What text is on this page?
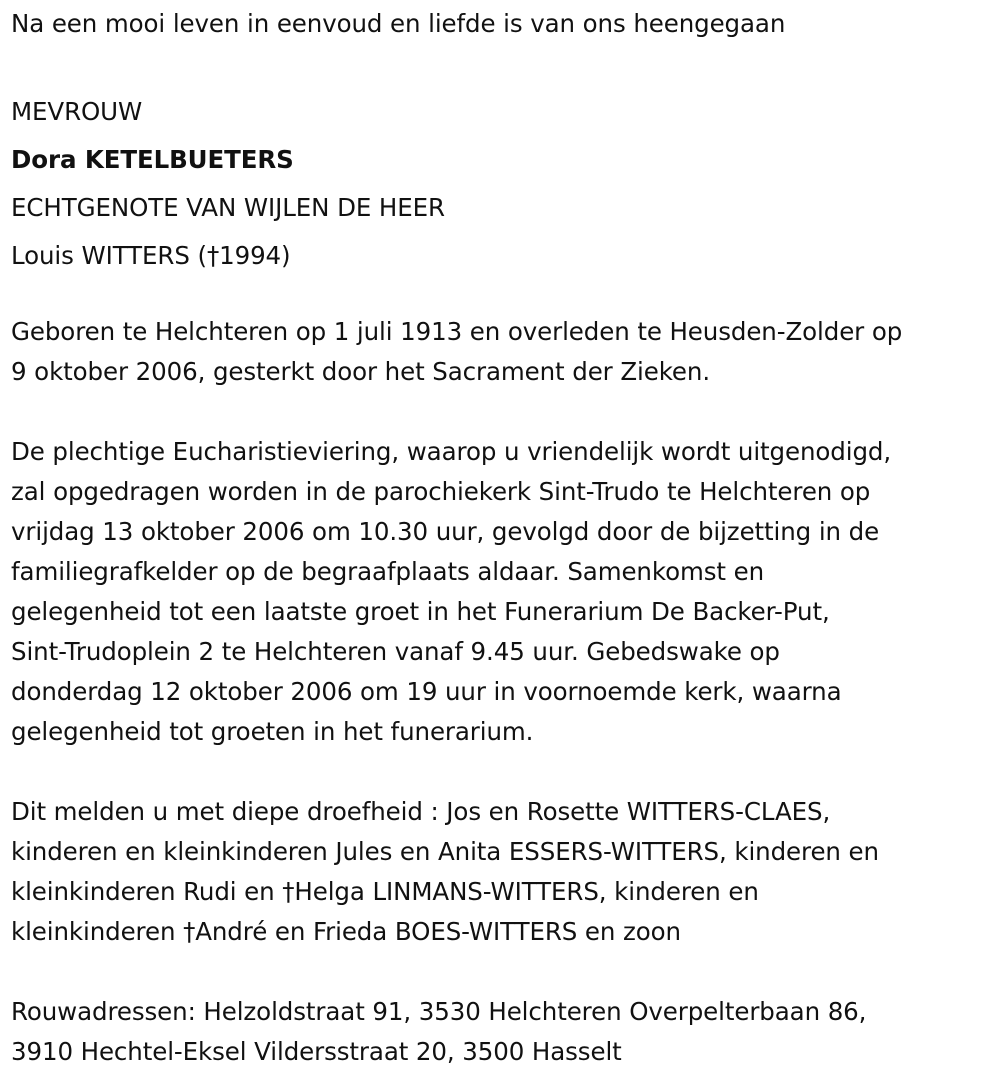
Na een mooi leven in eenvoud en liefde is van ons heengegaan
MEVROUW
Dora KETELBUETERS
ECHTGENOTE VAN WIJLEN DE HEER
Louis WITTERS (†1994)
Geboren te Helchteren op 1 juli 1913 en overleden te Heusden-Zolder op
9 oktober 2006, gesterkt door het Sacrament der Zieken.
De plechtige Eucharistieviering, waarop u vriendelijk wordt uitgenodigd,
zal opgedragen worden in de parochiekerk Sint-Trudo te Helchteren op
vrijdag 13 oktober 2006 om 10.30 uur, gevolgd door de bijzetting in de
familiegrafkelder op de begraafplaats aldaar. Samenkomst en
gelegenheid tot een laatste groet in het Funerarium De Backer-Put,
Sint-Trudoplein 2 te Helchteren vanaf 9.45 uur. Gebedswake op
donderdag 12 oktober 2006 om 19 uur in voornoemde kerk, waarna
gelegenheid tot groeten in het funerarium.
Dit melden u met diepe droefheid : Jos en Rosette WITTERS-CLAES,
kinderen en kleinkinderen Jules en Anita ESSERS-WITTERS, kinderen en
kleinkinderen Rudi en †Helga LINMANS-WITTERS, kinderen en
kleinkinderen †André en Frieda BOES-WITTERS en zoon
Rouwadressen: Helzoldstraat 91, 3530 Helchteren Overpelterbaan 86,
3910 Hechtel-Eksel Vildersstraat 20, 3500 Hasselt
